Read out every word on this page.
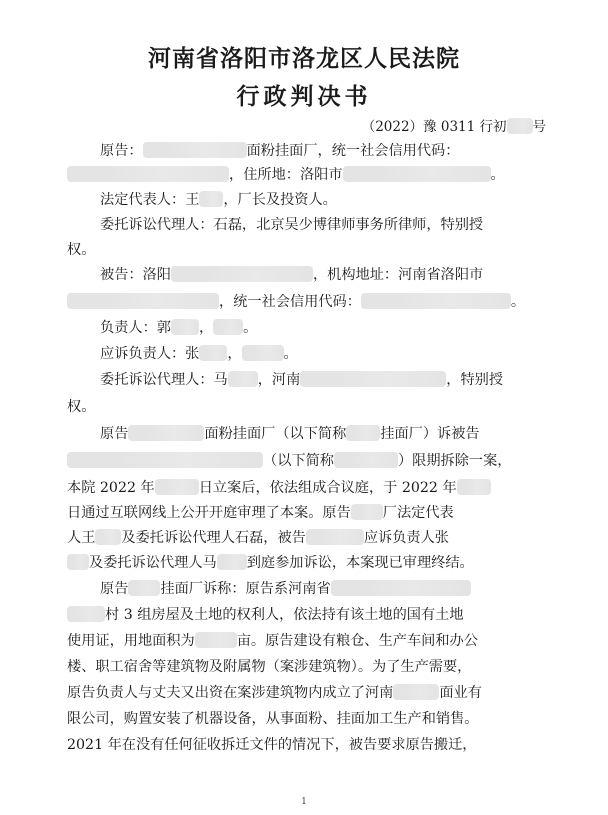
河南省洛阳市洛龙区人民法院
行政判决书
（2022）豫 0311 行初 号
原告：	面粉挂面厂，统一社会信用代码：
，住所地：洛阳市	。
法定代表人：王 ，厂长及投资人。
委托诉讼代理人：石磊，北京吴少博律师事务所律师，特别授
权。
被告：洛阳	，机构地址：河南省洛阳市
，统一社会信用代码：	。
负责人：郭 ， 。
应诉负责人：张 ，	。
委托诉讼代理人：马 ，河南	，特别授
权。
原告	面粉挂面厂（以下简称 挂面厂）诉被告
（以下简称	）限期拆除一案，
本院 2022 年	日立案后，依法组成合议庭，于 2022 年
日通过互联网线上公开开庭审理了本案。原告 厂法定代表
人王 及委托诉讼代理人石磊，被告	应诉负责人张
及委托诉讼代理人马 到庭参加诉讼，本案现已审理终结。
原告 挂面厂诉称：原告系河南省
村 3 组房屋及土地的权利人，依法持有该土地的国有土地
使用证，用地面积为	亩。原告建设有粮仓、生产车间和办公
楼、职工宿舍等建筑物及附属物（案涉建筑物）。为了生产需要，
原告负责人与丈夫又出资在案涉建筑物内成立了河南	面业有
限公司，购置安装了机器设备，从事面粉、挂面加工生产和销售。
2021 年在没有任何征收拆迁文件的情况下，被告要求原告搬迁，
1
